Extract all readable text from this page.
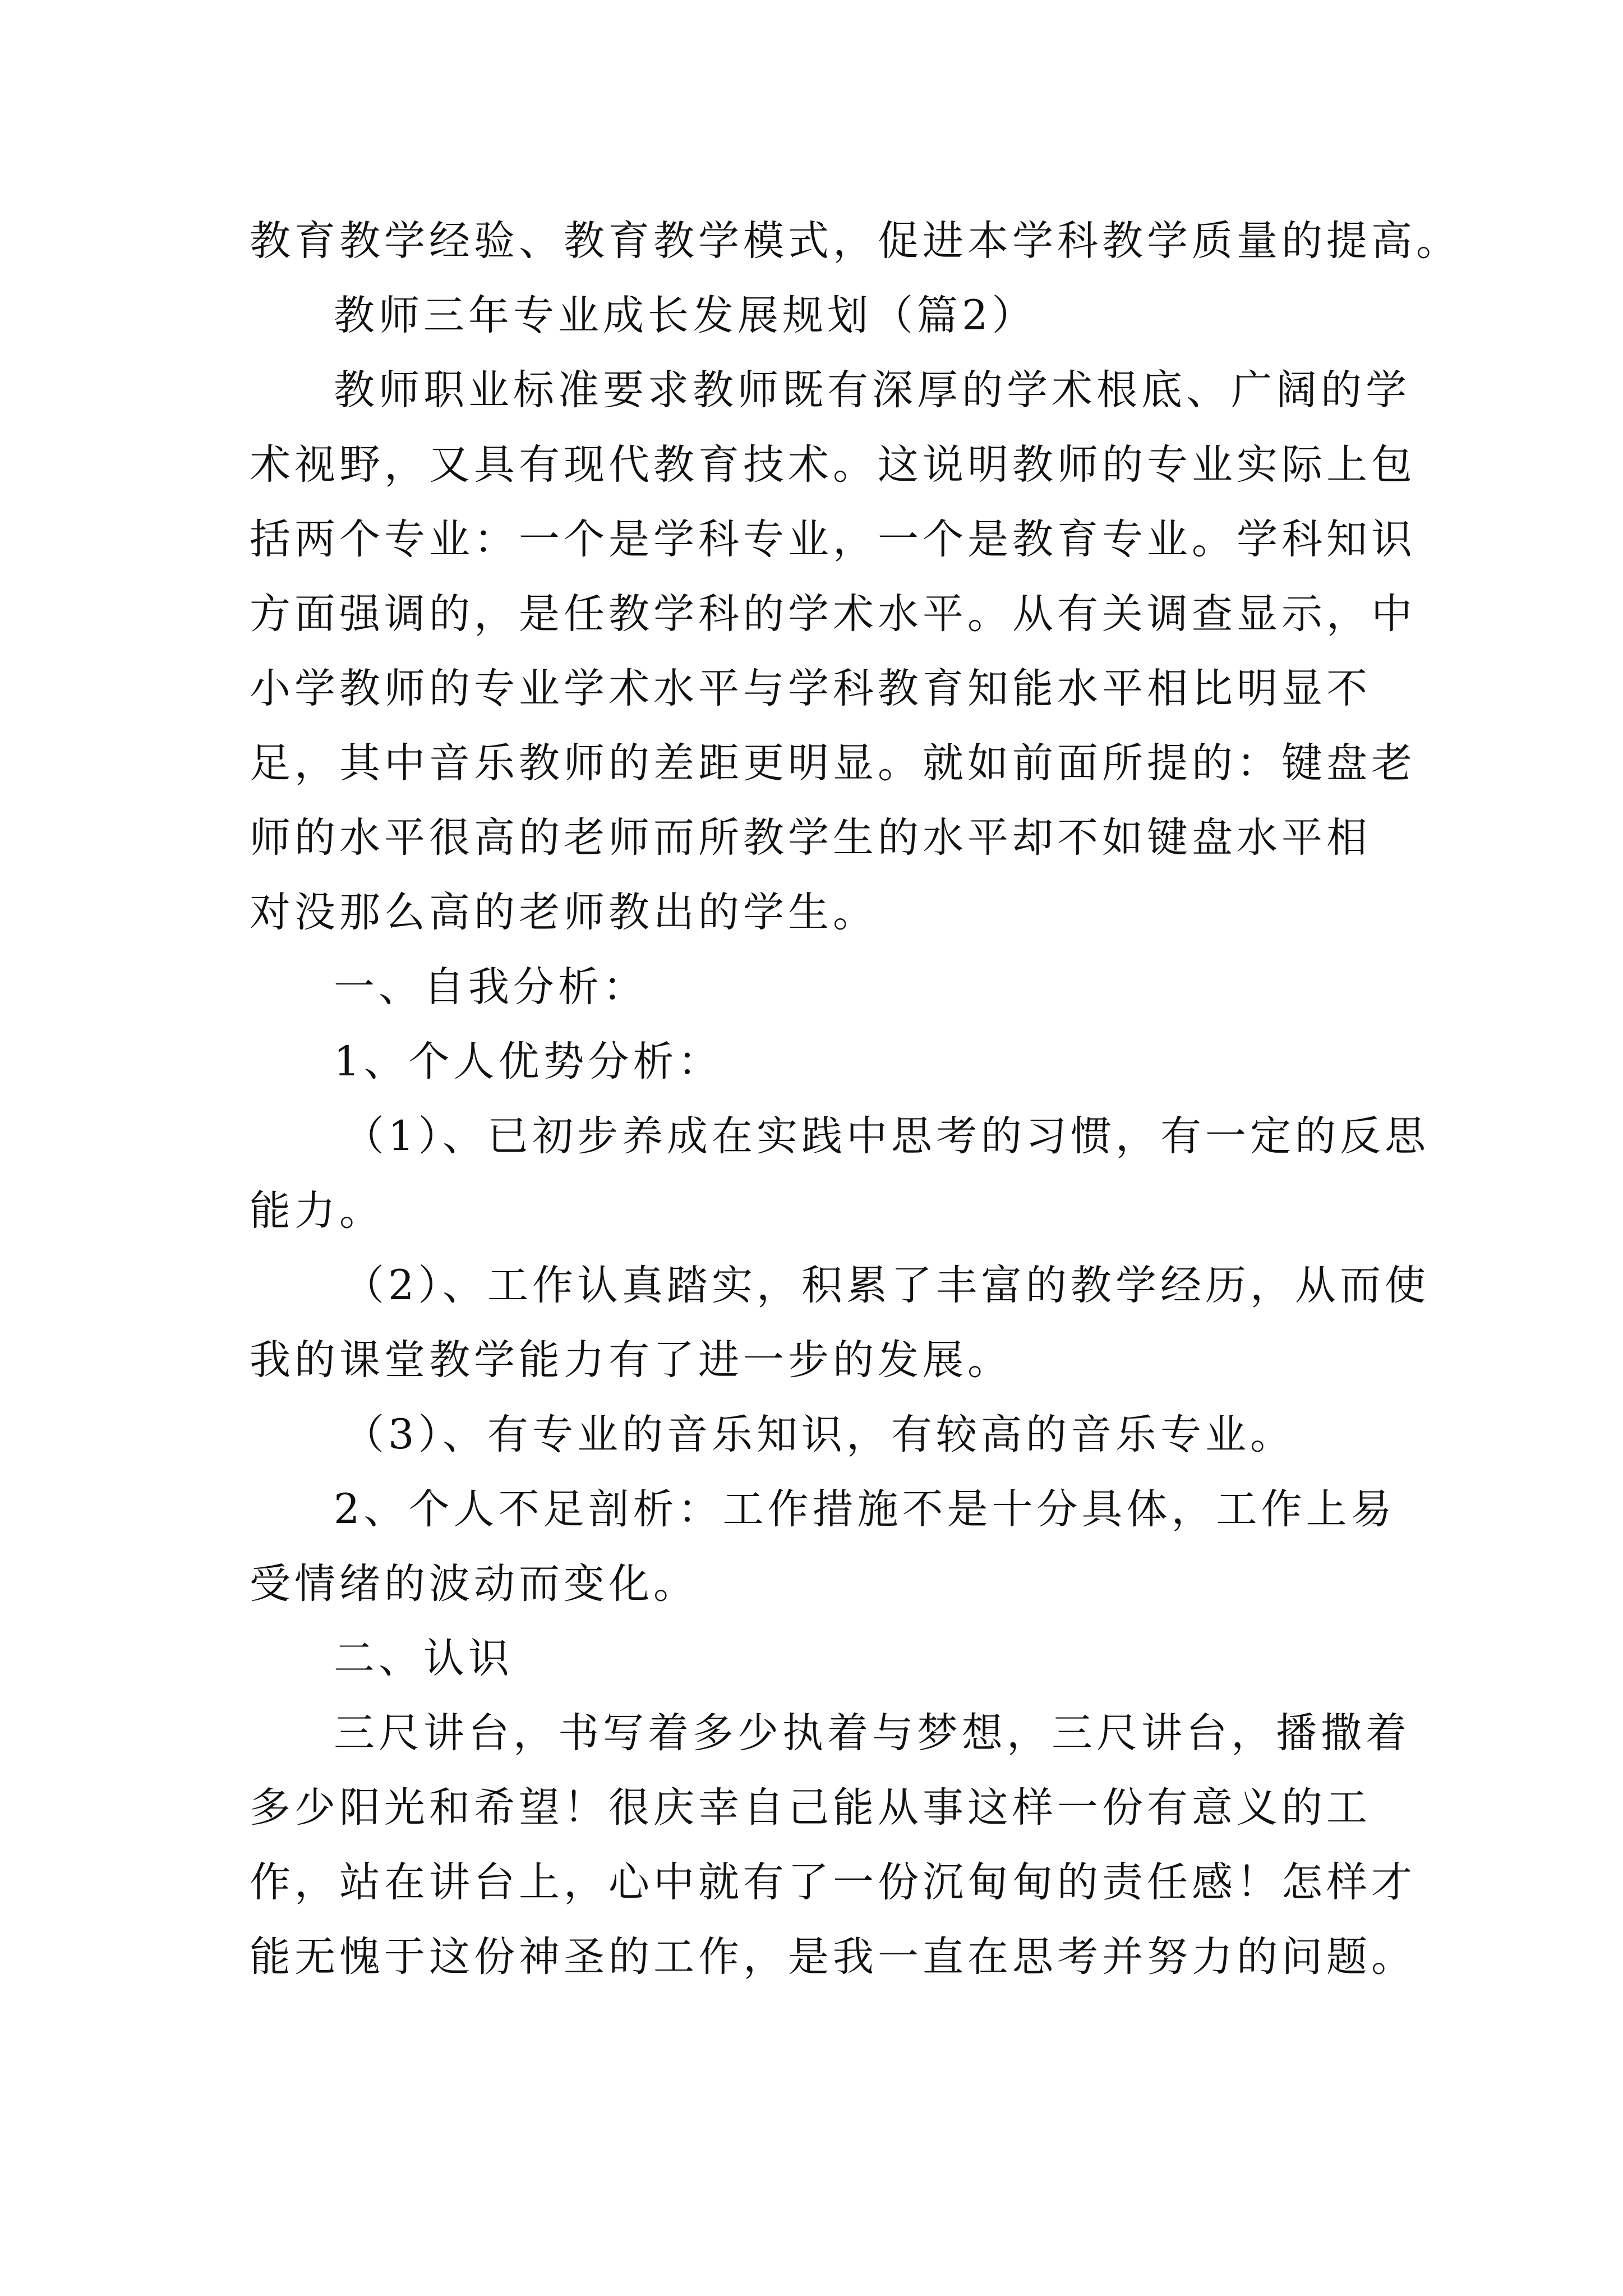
教育教学经验、教育教学模式，促进本学科教学质量的提高。
教师三年专业成长发展规划（篇2）
教师职业标准要求教师既有深厚的学术根底、广阔的学
术视野，又具有现代教育技术。这说明教师的专业实际上包
括两个专业：一个是学科专业，一个是教育专业。学科知识
方面强调的，是任教学科的学术水平。从有关调查显示，中
小学教师的专业学术水平与学科教育知能水平相比明显不
足，其中音乐教师的差距更明显。就如前面所提的：键盘老
师的水平很高的老师而所教学生的水平却不如键盘水平相
对没那么高的老师教出的学生。
一、自我分析：
1、个人优势分析：
（1）、已初步养成在实践中思考的习惯，有一定的反思
能力。
（2）、工作认真踏实，积累了丰富的教学经历，从而使
我的课堂教学能力有了进一步的发展。
（3）、有专业的音乐知识，有较高的音乐专业。
2、个人不足剖析：工作措施不是十分具体，工作上易
受情绪的波动而变化。
二、认识
三尺讲台，书写着多少执着与梦想，三尺讲台，播撒着
多少阳光和希望！很庆幸自己能从事这样一份有意义的工
作，站在讲台上，心中就有了一份沉甸甸的责任感！怎样才
能无愧于这份神圣的工作，是我一直在思考并努力的问题。
